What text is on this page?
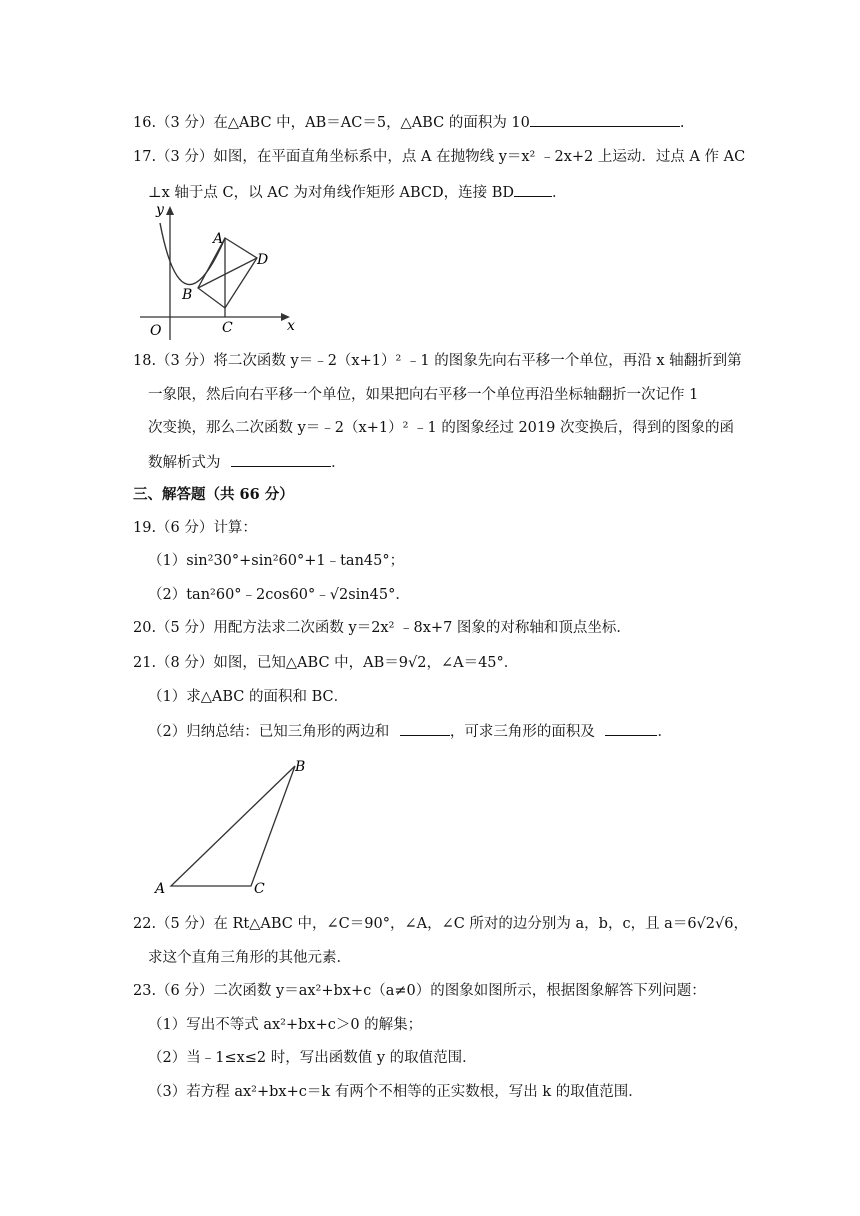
16.（3 分）在△ABC 中，AB＝AC＝5，△ABC 的面积为 10	.
17.（3 分）如图，在平面直角坐标系中，点 A 在抛物线 y＝x² ﹣2x+2 上运动．过点 A 作 AC
⊥x 轴于点 C，以 AC 为对角线作矩形 ABCD，连接 BD	．
y
x
O
A
B
C
D
18.（3 分）将二次函数 y＝﹣2（x+1）² ﹣1 的图象先向右平移一个单位，再沿 x 轴翻折到第
一象限，然后向右平移一个单位，如果把向右平移一个单位再沿坐标轴翻折一次记作 1
次变换，那么二次函数 y＝﹣2（x+1）² ﹣1 的图象经过 2019 次变换后，得到的图象的函
数解析式为	．
三、解答题（共 66 分）
19.（6 分）计算：
（1）sin²30°+sin²60°+1﹣tan45°；
（2）tan²60°﹣2cos60°﹣√2sin45°．
20.（5 分）用配方法求二次函数 y＝2x² ﹣8x+7 图象的对称轴和顶点坐标．
21.（8 分）如图，已知△ABC 中，AB＝9√2，∠A＝45°．
（1）求△ABC 的面积和 BC．
（2）归纳总结：已知三角形的两边和	，可求三角形的面积及	．
A
B
C
22.（5 分）在 Rt△ABC 中，∠C＝90°，∠A，∠C 所对的边分别为 a，b，c，且 a＝6√2√6，
求这个直角三角形的其他元素．
23.（6 分）二次函数 y＝ax²+bx+c（a≠0）的图象如图所示，根据图象解答下列问题：
（1）写出不等式 ax²+bx+c＞0 的解集；
（2）当﹣1≤x≤2 时，写出函数值 y 的取值范围．
（3）若方程 ax²+bx+c＝k 有两个不相等的正实数根，写出 k 的取值范围．
